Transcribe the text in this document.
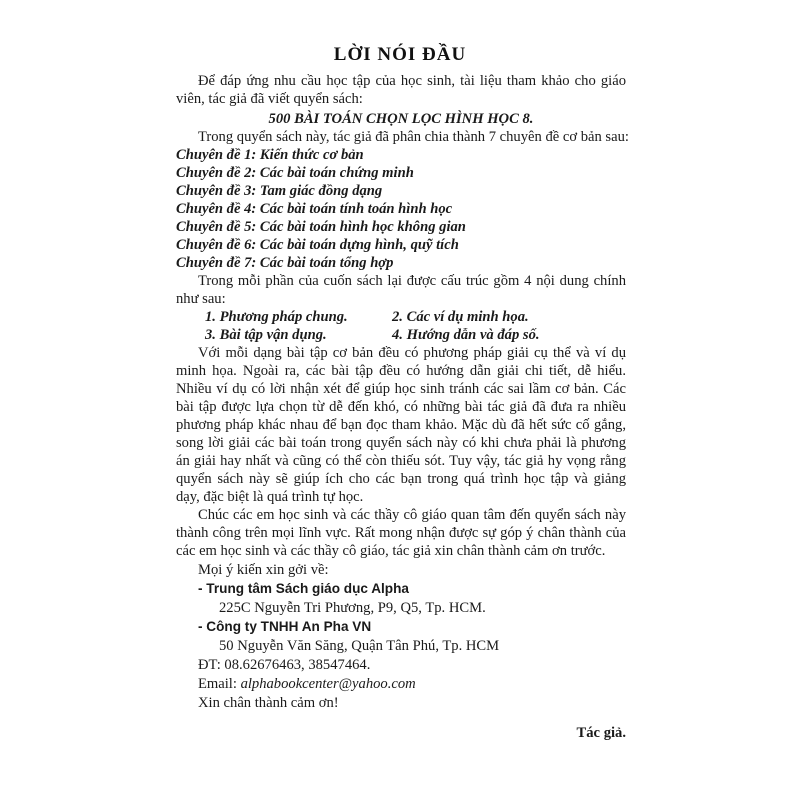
LỜI NÓI ĐẦU
Để đáp ứng nhu cầu học tập của học sinh, tài liệu tham khảo cho giáo
viên, tác giả đã viết quyển sách:
500 BÀI TOÁN CHỌN LỌC HÌNH HỌC 8.
Trong quyển sách này, tác giả đã phân chia thành 7 chuyên đề cơ bản sau:
Chuyên đề 1: Kiến thức cơ bản
Chuyên đề 2: Các bài toán chứng minh
Chuyên đề 3: Tam giác đồng dạng
Chuyên đề 4: Các bài toán tính toán hình học
Chuyên đề 5: Các bài toán hình học không gian
Chuyên đề 6: Các bài toán dựng hình, quỹ tích
Chuyên đề 7: Các bài toán tổng hợp
Trong mỗi phần của cuốn sách lại được cấu trúc gồm 4 nội dung chính
như sau:
1. Phương pháp chung.	2. Các ví dụ minh họa.
3. Bài tập vận dụng.	4. Hướng dẫn và đáp số.
Với mỗi dạng bài tập cơ bản đều có phương pháp giải cụ thể và ví dụ
minh họa. Ngoài ra, các bài tập đều có hướng dẫn giải chi tiết, dễ hiểu.
Nhiều ví dụ có lời nhận xét để giúp học sinh tránh các sai lầm cơ bản. Các
bài tập được lựa chọn từ dễ đến khó, có những bài tác giả đã đưa ra nhiều
phương pháp khác nhau để bạn đọc tham khảo. Mặc dù đã hết sức cố gắng,
song lời giải các bài toán trong quyển sách này có khi chưa phải là phương
án giải hay nhất và cũng có thể còn thiếu sót. Tuy vậy, tác giả hy vọng rằng
quyển sách này sẽ giúp ích cho các bạn trong quá trình học tập và giảng
dạy, đặc biệt là quá trình tự học.
Chúc các em học sinh và các thầy cô giáo quan tâm đến quyển sách này
thành công trên mọi lĩnh vực. Rất mong nhận được sự góp ý chân thành của
các em học sinh và các thầy cô giáo, tác giả xin chân thành cảm ơn trước.
Mọi ý kiến xin gởi về:
- Trung tâm Sách giáo dục Alpha
225C Nguyễn Tri Phương, P9, Q5, Tp. HCM.
- Công ty TNHH An Pha VN
50 Nguyễn Văn Săng, Quận Tân Phú, Tp. HCM
ĐT: 08.62676463, 38547464.
Email: alphabookcenter@yahoo.com
Xin chân thành cảm ơn!
Tác giả.
